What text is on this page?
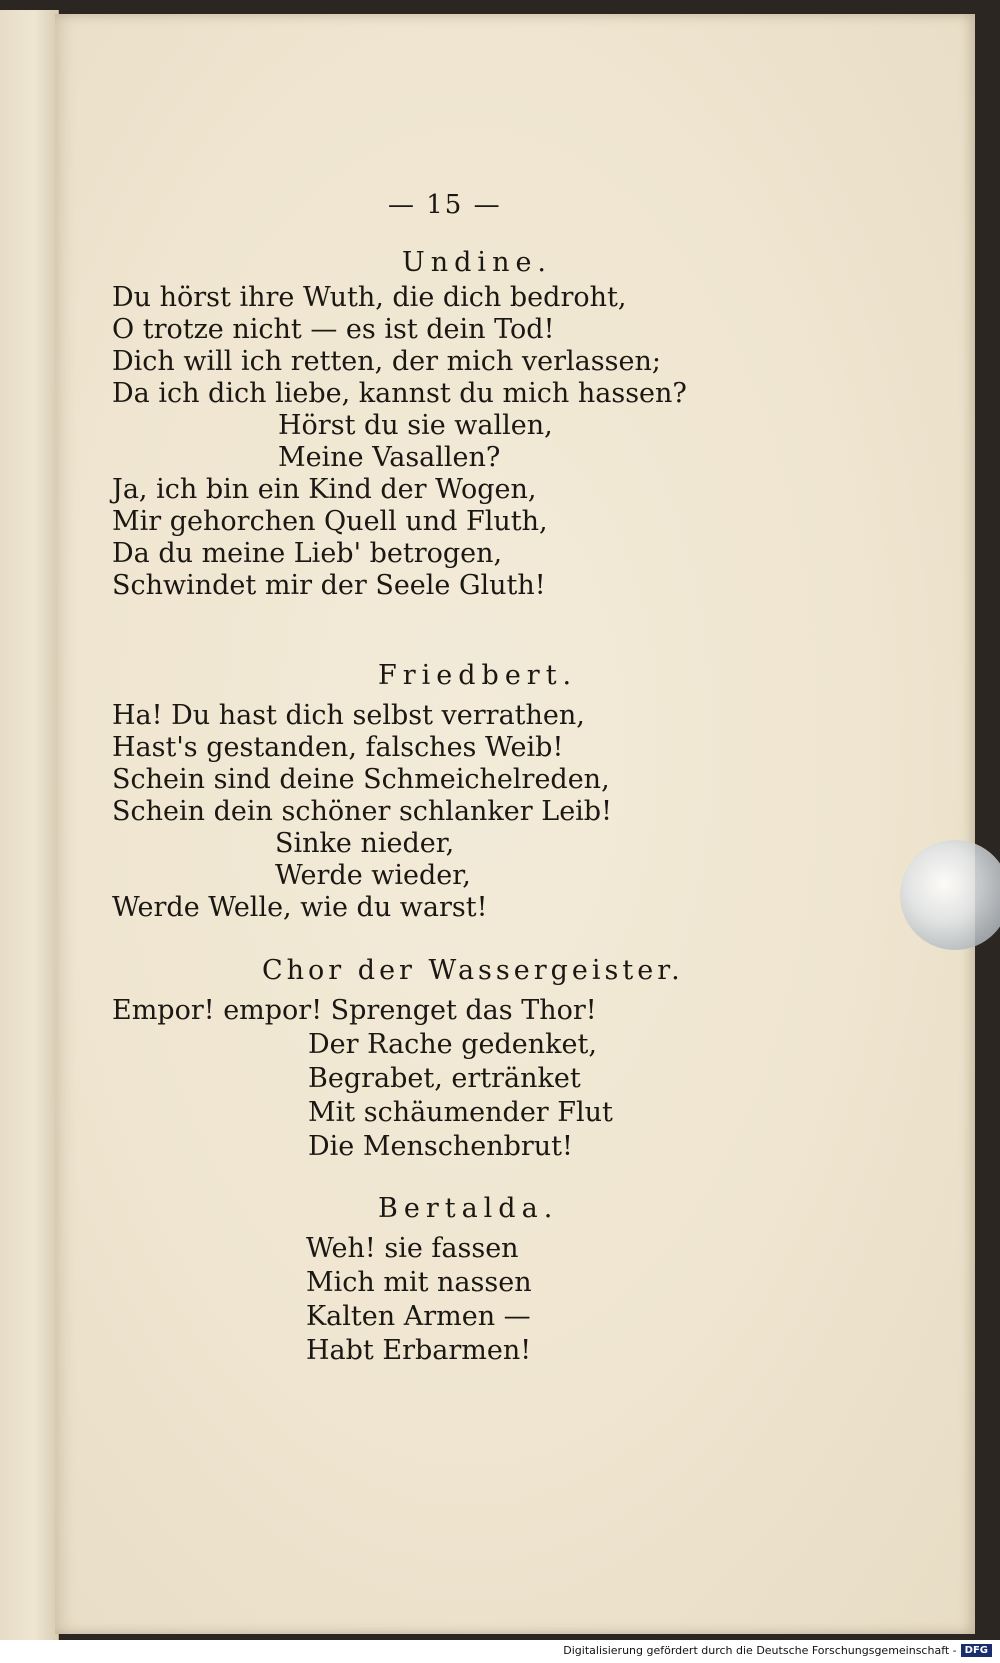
— 15 —
Undine.
Du hörst ihre Wuth, die dich bedroht,
O trotze nicht — es ist dein Tod!
Dich will ich retten, der mich verlassen;
Da ich dich liebe, kannst du mich hassen?
Hörst du sie wallen,
Meine Vasallen?
Ja, ich bin ein Kind der Wogen,
Mir gehorchen Quell und Fluth,
Da du meine Lieb' betrogen,
Schwindet mir der Seele Gluth!
Friedbert.
Ha! Du hast dich selbst verrathen,
Hast's gestanden, falsches Weib!
Schein sind deine Schmeichelreden,
Schein dein schöner schlanker Leib!
Sinke nieder,
Werde wieder,
Werde Welle, wie du warst!
Chor der Wassergeister.
Empor! empor! Sprenget das Thor!
Der Rache gedenket,
Begrabet, ertränket
Mit schäumender Flut
Die Menschenbrut!
Bertalda.
Weh! sie fassen
Mich mit nassen
Kalten Armen —
Habt Erbarmen!
Digitalisierung gefördert durch die Deutsche Forschungsgemeinschaft - DFG
